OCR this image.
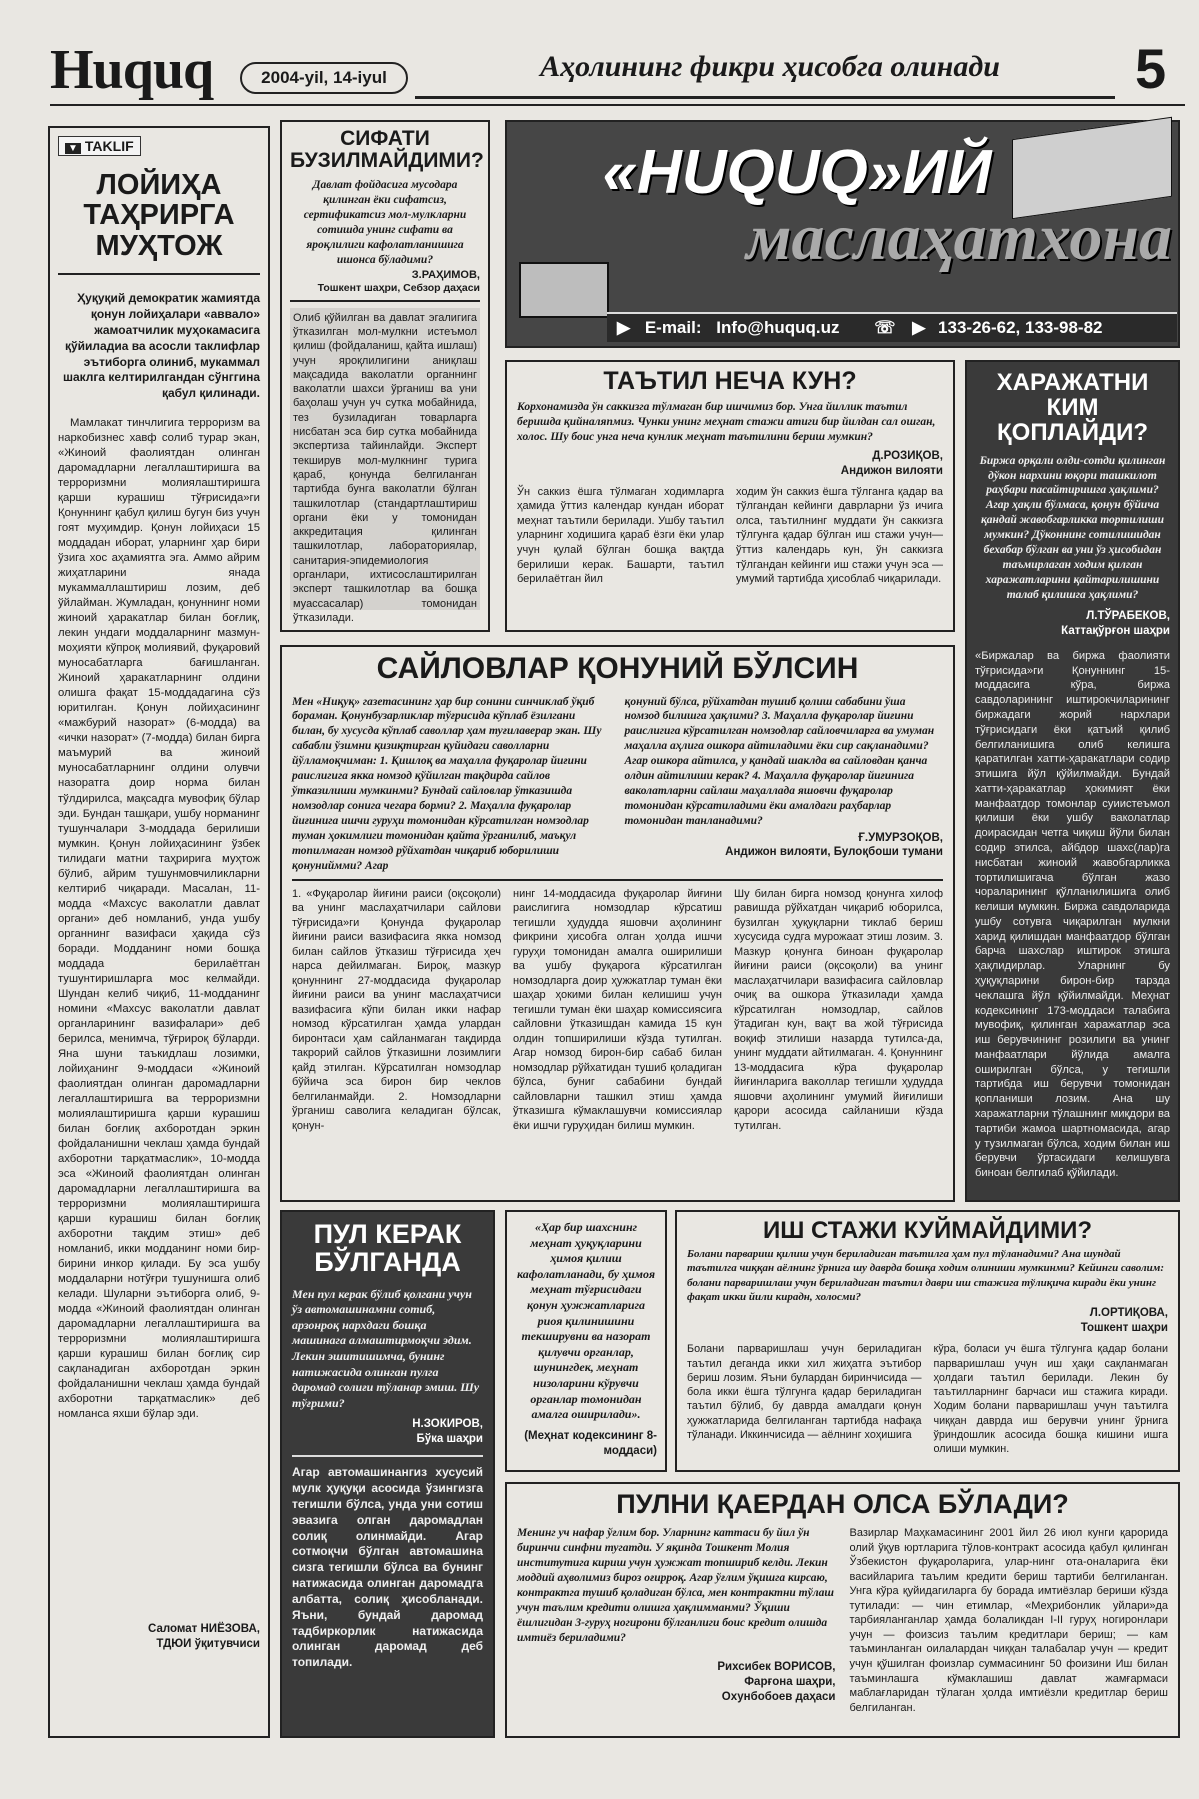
Huquq	2004-yil, 14-iyul	Аҳолининг фикри ҳисобга олинади	5
▼ TAKLIF
ЛОЙИҲА ТАҲРИРГА МУҲТОЖ
Ҳуқуқий демократик жамиятда қонун лойиҳалари «аввало» жамоатчилик муҳокамасига қўйиладиа ва асосли таклифлар эътиборга олиниб, мукаммал шаклга келтирилгандан сўнггина қабул қилинади.
Мамлакат тинчлигига терроризм ва наркобизнес хавф солиб турар экан, «Жиноий фаолиятдан олинган даромадларни легаллаштиришга ва терроризмни молиялаштиришга қарши курашиш тўғрисида»ги Қонуннинг қабул қилиш бугун биз учун гоят муҳимдир. Қонун лойиҳаси 15 моддадан иборат, уларнинг ҳар бири ўзига хос аҳамиятга эга. Аммо айрим жиҳатларини янада мукаммаллаштириш лозим, деб ўйлайман. Жумладан, қонуннинг номи жиноий ҳаракатлар билан боғлиқ, лекин ундаги моддаларнинг мазмун-моҳияти кўпроқ молиявий, фуқаровий муносабатларга бағишланган. Жиноий ҳаракатларнинг олдини олишга фақат 15-моддадагина сўз юритилган. Қонун лойиҳасининг «мажбурий назорат» (6-модда) ва «ички назорат» (7-модда) билан бирга маъмурий ва жиноий муносабатларнинг олдини олувчи назоратга доир норма билан тўлдирилса, мақсадга мувофиқ бўлар эди. Бундан ташқари, ушбу норманинг тушунчалари 3-моддада берилиши мумкин. Қонун лойиҳасининг ўзбек тилидаги матни таҳририга муҳтож бўлиб, айрим тушунмовчиликларни келтириб чиқаради. Масалан, 11-модда «Махсус ваколатли давлат органи» деб номланиб, унда ушбу органнинг вазифаси ҳақида сўз боради. Модданинг номи бошқа моддада берилаётган тушунтиришларга мос келмайди. Шундан келиб чиқиб, 11-модданинг номини «Махсус ваколатли давлат органларининг вазифалари» деб берилса, менимча, тўғрироқ бўларди. Яна шуни таъкидлаш лозимки, лойиҳанинг 9-моддаси «Жиноий фаолиятдан олинган даромадларни легаллаштиришга ва терроризмни молиялаштиришга қарши курашиш билан боғлиқ ахборотдан эркин фойдаланишни чеклаш ҳамда бундай ахборотни тарқатмаслик», 10-модда эса «Жиноий фаолиятдан олинган даромадларни легаллаштиришга ва терроризмни молиялаштиришга қарши курашиш билан боғлиқ ахборотни тақдим этиш» деб номланиб, икки модданинг номи бир-бирини инкор қилади. Бу эса ушбу моддаларни нотўғри тушунишга олиб келади. Шуларни эътиборга олиб, 9-модда «Жиноий фаолиятдан олинган даромадларни легаллаштиришга ва терроризмни молиялаштиришга қарши курашиш билан боғлиқ сир сақланадиган ахборотдан эркин фойдаланишни чеклаш ҳамда бундай ахборотни тарқатмаслик» деб номланса яхши бўлар эди.
Саломат НИЁЗОВА,
ТДЮИ ўқитувчиси
СИФАТИ БУЗИЛМАЙДИМИ?
Давлат фойдасига мусодара қилинган ёки сифатсиз, сертификатсиз мол-мулкларни сотишда унинг сифати ва яроқлилиги кафолатланишига ишонса бўладими?
З.РАҲИМОВ,
Тошкент шаҳри, Себзор даҳаси
Олиб қўйилган ва давлат эгалигига ўтказилган мол-мулкни истеъмол қилиш (фойдаланиш, қайта ишлаш) учун яроқлилигини аниқлаш мақсадида ваколатли органнинг ваколатли шахси ўрганиш ва уни баҳолаш учун уч сутка мобайнида, тез бузиладиган товарларга нисбатан эса бир сутка мобайнида экспертиза тайинлайди. Эксперт текширув мол-мулкнинг турига қараб, қонунда белгиланган тартибда бунга ваколатли бўлган ташкилотлар (стандартлаштириш органи ёки у томонидан аккредитация қилинган ташкилотлар, лабораториялар, санитария-эпидемиология органлари, ихтисослаштирилган эксперт ташкилотлар ва бошқа муассасалар) томонидан ўтказилади.
«HUQUQ»ИЙ
маслаҳатхона
▶ E-mail: Info@huquq.uz ☏ ▶ 133-26-62, 133-98-82
ТАЪТИЛ НЕЧА КУН?
Корхонамизда ўн саккизга тўлмаган бир ишчимиз бор. Унга йиллик таътил беришда қийналяпмиз. Чунки унинг меҳнат стажи атиги бир йилдан сал ошган, холос. Шу боис унга неча кунлик меҳнат таътилини бериш мумкин?
Д.РОЗИҚОВ,
Андижон вилояти
Ўн саккиз ёшга тўлмаган ходимларга ҳамида ўттиз календар кундан иборат меҳнат таътили берилади. Ушбу таътил уларнинг ходишига қараб ёзги ёки улар учун қулай бўлган бошқа вақтда берилиши керак. Башарти, таътил берилаётган йил
ходим ўн саккиз ёшга тўлганга қадар ва тўлгандан кейинги даврларни ўз ичига олса, таътилнинг муддати ўн саккизга тўлгунга қадар бўлган иш стажи учун—ўттиз календарь кун, ўн саккизга тўлгандан кейинги иш стажи учун эса — умумий тартибда ҳисоблаб чиқарилади.
ХАРАЖАТНИ КИМ ҚОПЛАЙДИ?
Биржа орқали олди-сотди қилинган дўкон нархини юқори ташкилот раҳбари пасайтиришга ҳақлими? Агар ҳақли бўлмаса, қонун бўйича қандай жавобгарликка тортилиши мумкин? Дўконнинг сотилишидан бехабар бўлган ва уни ўз ҳисобидан таъмирлаган ходим қилган харажатларини қайтарилишини талаб қилишга ҳақлими?
Л.ТЎРАБЕКОВ,
Каттақўрғон шаҳри
«Биржалар ва биржа фаолияти тўғрисида»ги Қонуннинг 15-моддасига кўра, биржа савдоларининг иштирокчиларининг биржадаги жорий нархлари тўғрисидаги ёки қатъий қилиб белгиланишига олиб келишга қаратилган хатти-ҳаракатлари содир этишига йўл қўйилмайди. Бундай хатти-ҳаракатлар ҳокимият ёки манфаатдор томонлар суиистеъмол қилиши ёки ушбу ваколатлар доирасидан четга чиқиш йўли билан содир этилса, айбдор шахс(лар)га нисбатан жиноий жавобгарликка тортилишигача бўлган жазо чораларининг қўлланилишига олиб келиши мумкин. Биржа савдоларида ушбу сотувга чиқарилган мулкни харид қилишдан манфаатдор бўлган барча шахслар иштирок этишга ҳақлидирлар. Уларнинг бу ҳуқуқларини бирон-бир тарзда чеклашга йўл қўйилмайди. Меҳнат кодексининг 173-моддаси талабига мувофиқ, қилинган харажатлар эса иш берувчининг розилиги ва унинг манфаатлари йўлида амалга оширилган бўлса, у тегишли тартибда иш берувчи томонидан қопланиши лозим. Ана шу харажатларни тўлашнинг миқдори ва тартиби жамоа шартномасида, агар у тузилмаган бўлса, ходим билан иш берувчи ўртасидаги келишувга биноан белгилаб қўйилади.
САЙЛОВЛАР ҚОНУНИЙ БЎЛСИН
Мен «Ниқуқ» газетасининг ҳар бир сонини синчиклаб ўқиб бораман. Қонунбузарликлар тўғрисида кўплаб ёзилгани билан, бу хусусда кўплаб саволлар ҳам туғилаверар экан. Шу сабабли ўзимни қизиқтирган қуйидаги саволларни йўлламоқчиман: 1. Қишлоқ ва маҳалла фуқаролар йиғини раислигига якка номзод қўйилган тақдирда сайлов ўтказилиши мумкинми? Бундай сайловлар ўтказишда номзодлар сонига чегара борми? 2. Маҳалла фуқаролар йиғинига ишчи гуруҳи томонидан кўрсатилган номзодлар туман ҳокимлиги томонидан қайта ўрганилиб, маъқул топилмаган номзод рўйхатдан чиқариб юборилиши қонуниймми? Агар
қонуний бўлса, рўйхатдан тушиб қолиш сабабини ўша номзод билишга ҳақлими? 3. Маҳалла фуқаролар йиғини раислигига кўрсатилган номзодлар сайловчиларга ва умуман маҳалла аҳлига ошкора айтиладими ёки сир сақланадими? Агар ошкора айтилса, у қандай шаклда ва сайловдан қанча олдин айтилиши керак? 4. Маҳалла фуқаролар йиғинига ваколатларни сайлаш маҳаллада яшовчи фуқаролар томонидан кўрсатиладими ёки амалдаги раҳбарлар томонидан танланадими?
Ғ.УМУРЗОҚОВ,
Андижон вилояти, Булоқбоши тумани
1. «Фуқаролар йиғини раиси (оқсоқоли) ва унинг маслаҳатчилари сайлови тўғрисида»ги Қонунда фуқаролар йиғини раиси вазифасига якка номзод билан сайлов ўтказиш тўғрисида ҳеч нарса дейилмаган. Бироқ, мазкур қонуннинг 27-моддасида фуқаролар йиғини раиси ва унинг маслаҳатчиси вазифасига кўпи билан икки нафар номзод кўрсатилган ҳамда улардан биронтаси ҳам сайланмаган тақдирда такрорий сайлов ўтказишни лозимлиги қайд этилган. Кўрсатилган номзодлар бўйича эса бирон бир чеклов белгиланмайди. 2. Номзодларни ўрганиш саволига келадиган бўлсак, қонун-
нинг 14-моддасида фуқаролар йиғини раислигига номзодлар кўрсатиш тегишли ҳудудда яшовчи аҳолининг фикрини ҳисобга олган ҳолда ишчи гуруҳи томонидан амалга оширилиши ва ушбу фуқарога кўрсатилган номзодларга доир ҳужжатлар туман ёки шаҳар ҳокими билан келишиш учун тегишли туман ёки шаҳар комиссиясига сайловни ўтказишдан камида 15 кун олдин топширилиши кўзда тутилган. Агар номзод бирон-бир сабаб билан номзодлар рўйхатидан тушиб қоладиган бўлса, буниг сабабини бундай сайловларни ташкил этиш ҳамда ўтказишга кўмаклашувчи комиссиялар ёки ишчи гуруҳидан билиш мумкин.
Шу билан бирга номзод қонунга хилоф равишда рўйхатдан чиқариб юборилса, бузилган ҳуқуқларни тиклаб бериш хусусида судга мурожаат этиш лозим. 3. Мазкур қонунга биноан фуқаролар йиғини раиси (оқсоқоли) ва унинг маслаҳатчилари вазифасига сайловлар очиқ ва ошкора ўтказилади ҳамда кўрсатилган номзодлар, сайлов ўтадиган кун, вақт ва жой тўғрисида воқиф этилиши назарда тутилса-да, унинг муддати айтилмаган. 4. Қонуннинг 13-моддасига кўра фуқаролар йиғинларига ваколлар тегишли ҳудудда яшовчи аҳолининг умумий йиғилиши қарори асосида сайланиши кўзда тутилган.
ПУЛ КЕРАК БЎЛГАНДА
Мен пул керак бўлиб қолгани учун ўз автомашинамни сотиб, арзонроқ нархдаги бошқа машинага алмаштирмоқчи эдим. Лекин эшитишимча, бунинг натижасида олинган пулга даромад солиғи тўланар эмиш. Шу тўғрими?
Н.ЗОКИРОВ,
Бўка шаҳри
Агар автомашинангиз хусусий мулк ҳуқуқи асосида ўзингизга тегишли бўлса, унда уни сотиш эвазига олган даромадлан солиқ олинмайди. Агар сотмоқчи бўлган автомашина сизга тегишли бўлса ва бунинг натижасида олинган даромадга албатта, солиқ ҳисобланади. Яъни, бундай даромад тадбиркорлик натижасида олинган даромад деб топилади.
«Ҳар бир шахснинг меҳнат ҳуқуқларини ҳимоя қилиш кафолатланади, бу ҳимоя меҳнат тўғрисидаги қонун ҳужжатларига риоя қилинишини текширувни ва назорат қилувчи органлар, шунингдек, меҳнат низоларини кўрувчи органлар томонидан амалга оширилади».
(Меҳнат кодексининг 8-моддаси)
ИШ СТАЖИ КУЙМАЙДИМИ?
Болани парвариш қилиш учун бериладиган таътилга ҳам пул тўланадими? Ана шундай таътилга чиққан аёлнинг ўрнига шу даврда бошқа ходим олиниши мумкинми? Кейинги саволим: болани парваришлаш учун бериладиган таътил даври иш стажига тўлиқича киради ёки унинг фақат икки йили кирадн, холосми?
Л.ОРТИҚОВА,
Тошкент шаҳри
Болани парваришлаш учун бериладиган таътил деганда икки хил жиҳатга эътибор бериш лозим. Яъни булардан биринчисида — бола икки ёшга тўлгунга қадар бериладиган таътил бўлиб, бу даврда амалдаги қонун ҳужжатларида белгиланган тартибда нафақа тўланади. Иккинчисида — аёлнинг хоҳишига
кўра, боласи уч ёшга тўлгунга қадар болани парваришлаш учун иш ҳақи сақланмаган ҳолдаги таътил берилади. Лекин бу таътилларнинг барчаси иш стажига киради. Ходим болани парваришлаш учун таътилга чиққан даврда иш берувчи унинг ўрнига ўриндошлик асосида бошқа кишини ишга олиши мумкин.
ПУЛНИ ҚАЕРДАН ОЛСА БЎЛАДИ?
Менинг уч нафар ўғлим бор. Уларнинг каттаси бу йил ўн биринчи синфни тугатди. У яқинда Тошкент Молия институтига кириш учун ҳужжат топшириб келди. Лекин моддий аҳволимиз бироз оғирроқ. Агар ўғлим ўқишга кирсаю, контрактга тушиб қоладиган бўлса, мен контрактни тўлаш учун таълим кредити олишга ҳақлимманми? Ўқиши ёшлигидан 3-гуруҳ ногирони бўлганлиги боис кредит олишда имтиёз бериладими?
Рихсибек ВОРИСОВ,
Фарғона шаҳри,
Охунбобоев даҳаси
Вазирлар Маҳкамасининг 2001 йил 26 июл кунги қарорида олий ўқув юртларига тўлов-контракт асосида қабул қилинган Ўзбекистон фуқароларига, улар-нинг ота-оналарига ёки васийларига таълим кредити бериш тартиби белгиланган. Унга кўра қуйидагиларга бу борада имтиёзлар бериши кўзда тутилади: — чин етимлар, «Меҳрибонлик уйлари»да тарбияланганлар ҳамда болаликдан I-II гуруҳ ногиронлари учун — фоизсиз таълим кредитлари бериш; — кам таъминланган оилалардан чиққан талабалар учун — кредит учун қўшилган фоизлар суммасининг 50 фоизини Иш билан таъминлашга кўмаклашиш давлат жамғармаси маблағларидан тўлаган ҳолда имтиёзли кредитлар бериш белгиланган.
